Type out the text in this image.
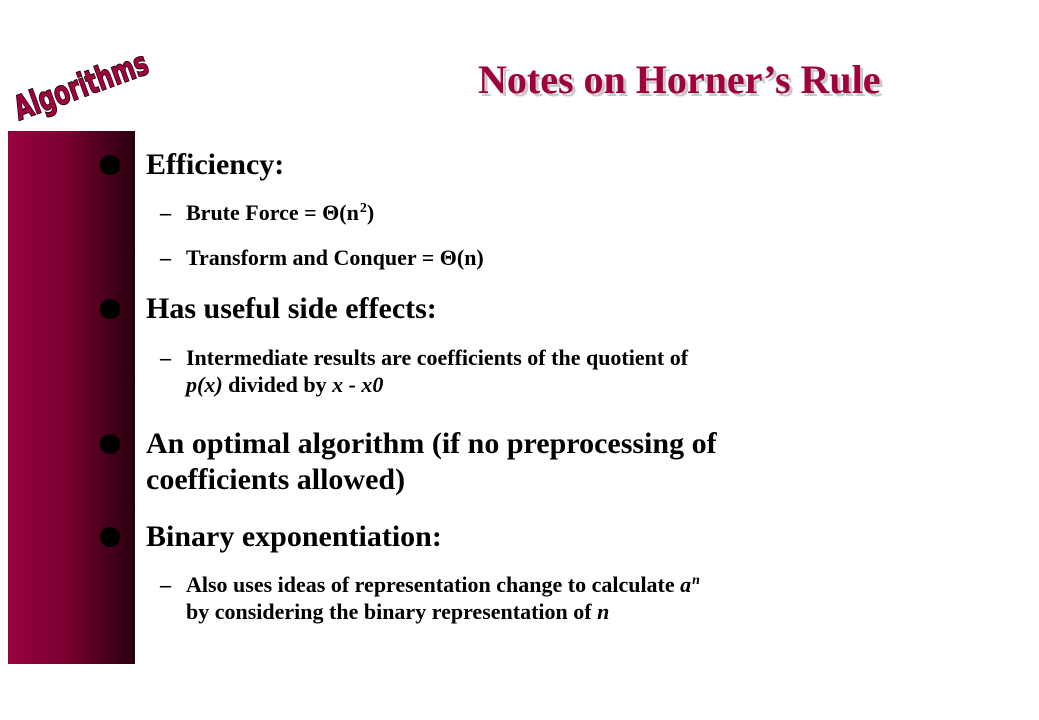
Algorithms	Notes on Horner’s Rule
Efficiency:
– Brute Force = $\Theta(n^2)$
– Transform and Conquer = Θ(n)
Has useful side effects:
– Intermediate results are coefficients of the quotient of
p(x) divided by x - x0
An optimal algorithm (if no preprocessing of
coefficients allowed)
Binary exponentiation:
– Also uses ideas of representation change to calculate $a^n$
by considering the binary representation of n
